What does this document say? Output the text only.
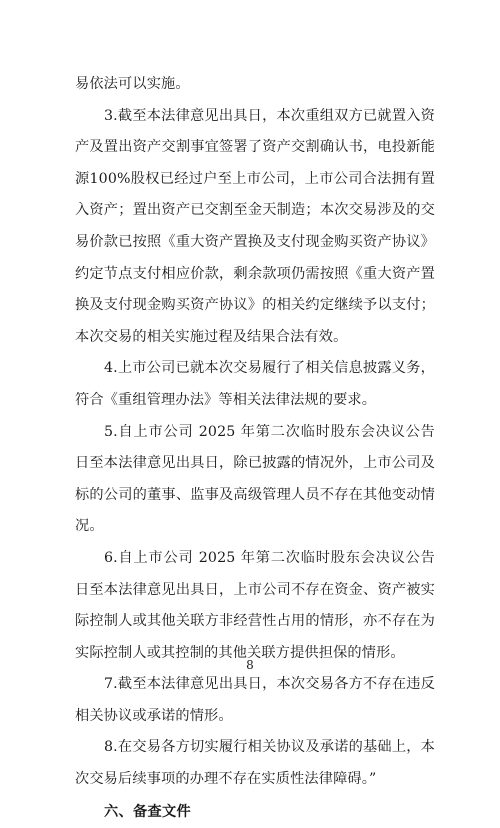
易依法可以实施。

3.截至本法律意见出具日，本次重组双方已就置入资产及置出资产交割事宜签署了资产交割确认书，电投新能源100%股权已经过户至上市公司，上市公司合法拥有置入资产；置出资产已交割至金天制造；本次交易涉及的交易价款已按照《重大资产置换及支付现金购买资产协议》约定节点支付相应价款，剩余款项仍需按照《重大资产置换及支付现金购买资产协议》的相关约定继续予以支付；本次交易的相关实施过程及结果合法有效。

4.上市公司已就本次交易履行了相关信息披露义务，符合《重组管理办法》等相关法律法规的要求。

5.自上市公司 2025 年第二次临时股东会决议公告日至本法律意见出具日，除已披露的情况外，上市公司及标的公司的董事、监事及高级管理人员不存在其他变动情况。

6.自上市公司 2025 年第二次临时股东会决议公告日至本法律意见出具日，上市公司不存在资金、资产被实际控制人或其他关联方非经营性占用的情形，亦不存在为实际控制人或其控制的其他关联方提供担保的情形。

7.截至本法律意见出具日，本次交易各方不存在违反相关协议或承诺的情形。

8.在交易各方切实履行相关协议及承诺的基础上，本次交易后续事项的办理不存在实质性法律障碍。”

六、备查文件
8
